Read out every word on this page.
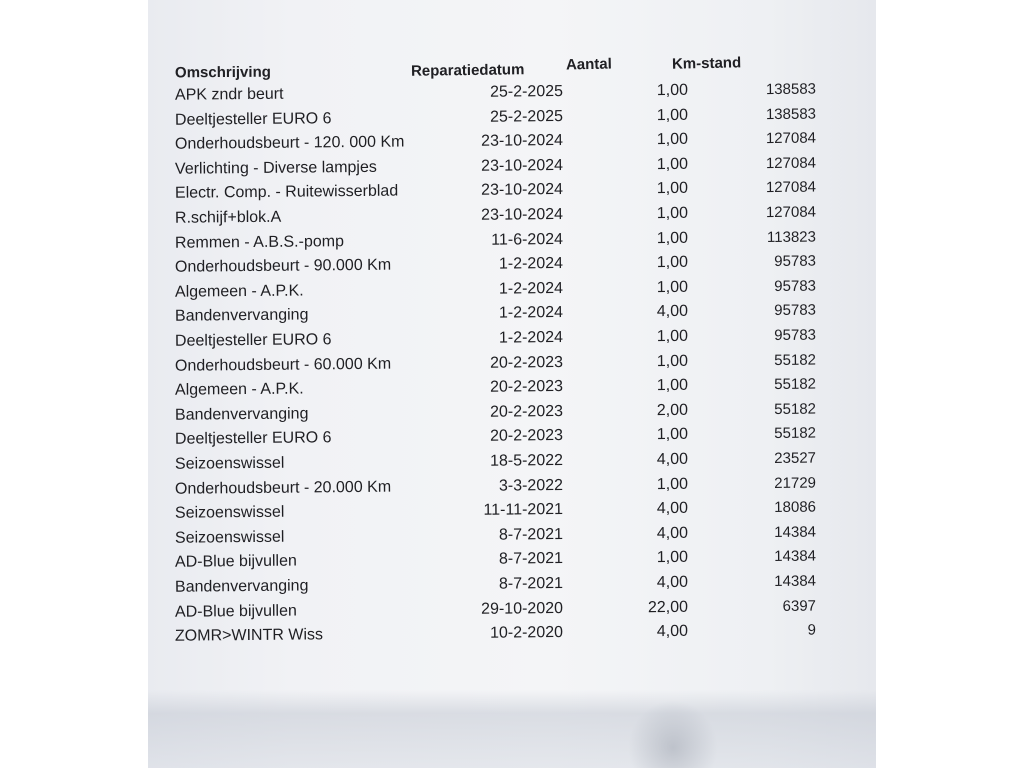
Omschrijving	Reparatiedatum	Aantal	Km-stand
APK zndr beurt	25-2-2025	1,00	138583
Deeltjesteller EURO 6	25-2-2025	1,00	138583
Onderhoudsbeurt - 120. 000 Km	23-10-2024	1,00	127084
Verlichting - Diverse lampjes	23-10-2024	1,00	127084
Electr. Comp. - Ruitewisserblad	23-10-2024	1,00	127084
R.schijf+blok.A	23-10-2024	1,00	127084
Remmen - A.B.S.-pomp	11-6-2024	1,00	113823
Onderhoudsbeurt - 90.000 Km	1-2-2024	1,00	95783
Algemeen - A.P.K.	1-2-2024	1,00	95783
Bandenvervanging	1-2-2024	4,00	95783
Deeltjesteller EURO 6	1-2-2024	1,00	95783
Onderhoudsbeurt - 60.000 Km	20-2-2023	1,00	55182
Algemeen - A.P.K.	20-2-2023	1,00	55182
Bandenvervanging	20-2-2023	2,00	55182
Deeltjesteller EURO 6	20-2-2023	1,00	55182
Seizoenswissel	18-5-2022	4,00	23527
Onderhoudsbeurt - 20.000 Km	3-3-2022	1,00	21729
Seizoenswissel	11-11-2021	4,00	18086
Seizoenswissel	8-7-2021	4,00	14384
AD-Blue bijvullen	8-7-2021	1,00	14384
Bandenvervanging	8-7-2021	4,00	14384
AD-Blue bijvullen	29-10-2020	22,00	6397
ZOMR>WINTR Wiss	10-2-2020	4,00	9
